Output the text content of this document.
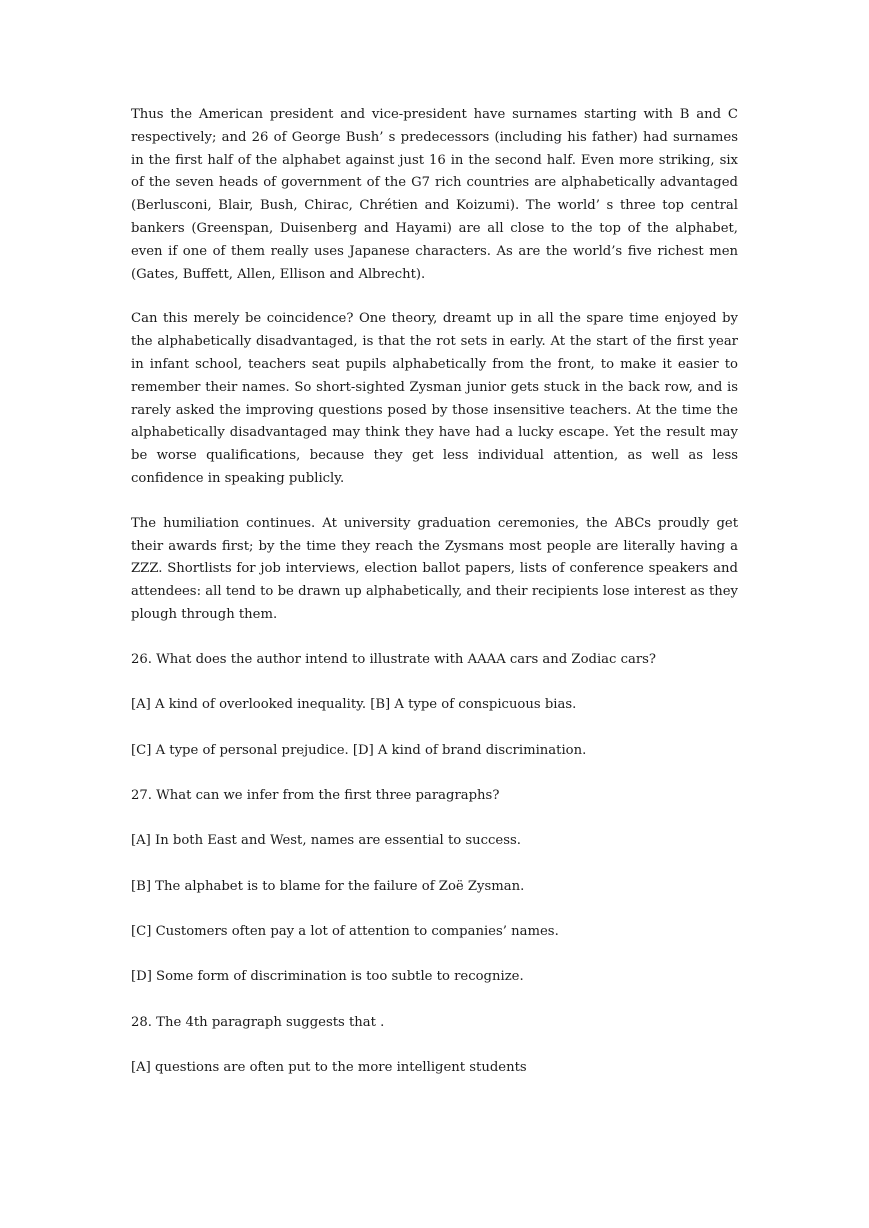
Thus the American president and vice-president have surnames starting with B and C respectively; and 26 of George Bush’ s predecessors (including his father) had surnames in the first half of the alphabet against just 16 in the second half. Even more striking, six of the seven heads of government of the G7 rich countries are alphabetically advantaged (Berlusconi, Blair, Bush, Chirac, Chrétien and Koizumi). The world’ s three top central bankers (Greenspan, Duisenberg and Hayami) are all close to the top of the alphabet, even if one of them really uses Japanese characters. As are the world’s five richest men (Gates, Buffett, Allen, Ellison and Albrecht).

Can this merely be coincidence? One theory, dreamt up in all the spare time enjoyed by the alphabetically disadvantaged, is that the rot sets in early. At the start of the first year in infant school, teachers seat pupils alphabetically from the front, to make it easier to remember their names. So short-sighted Zysman junior gets stuck in the back row, and is rarely asked the improving questions posed by those insensitive teachers. At the time the alphabetically disadvantaged may think they have had a lucky escape. Yet the result may be worse qualifications, because they get less individual attention, as well as less confidence in speaking publicly.

The humiliation continues. At university graduation ceremonies, the ABCs proudly get their awards first; by the time they reach the Zysmans most people are literally having a ZZZ. Shortlists for job interviews, election ballot papers, lists of conference speakers and attendees: all tend to be drawn up alphabetically, and their recipients lose interest as they plough through them.

26. What does the author intend to illustrate with AAAA cars and Zodiac cars?

[A] A kind of overlooked inequality. [B] A type of conspicuous bias.

[C] A type of personal prejudice. [D] A kind of brand discrimination.

27. What can we infer from the first three paragraphs?

[A] In both East and West, names are essential to success.

[B] The alphabet is to blame for the failure of Zoë Zysman.

[C] Customers often pay a lot of attention to companies’ names.

[D] Some form of discrimination is too subtle to recognize.

28. The 4th paragraph suggests that .

[A] questions are often put to the more intelligent students
